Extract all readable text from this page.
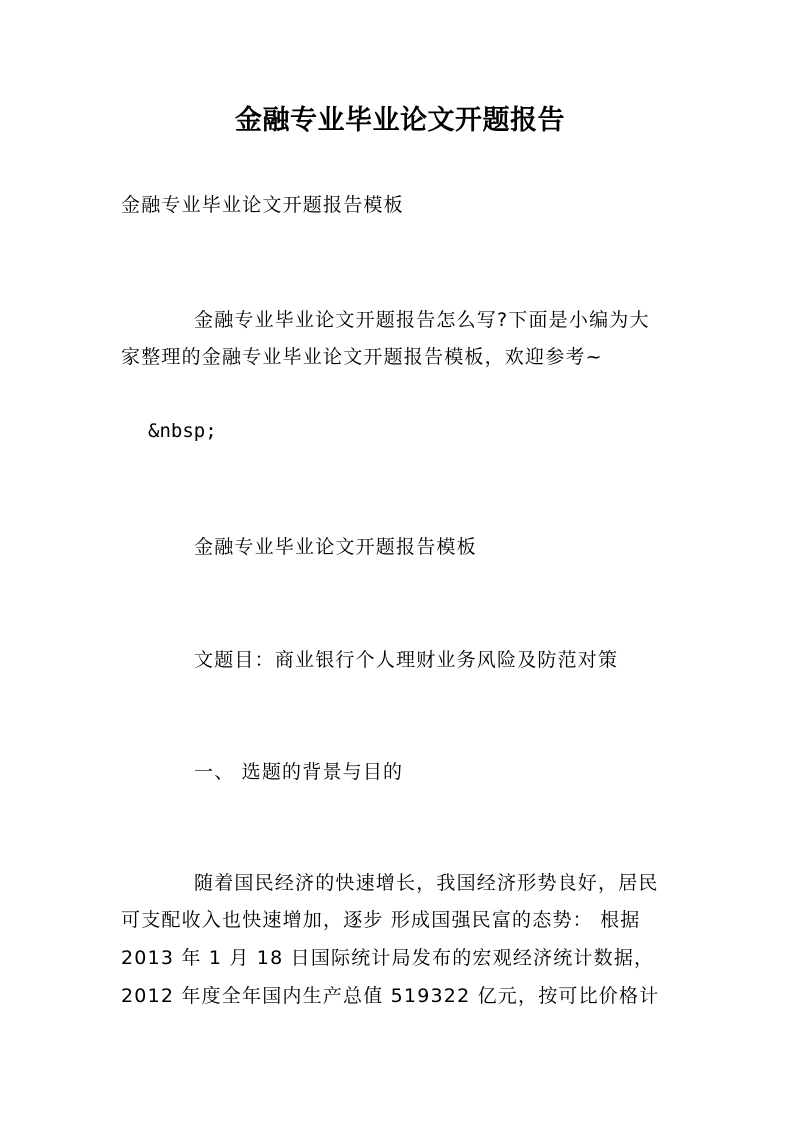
金融专业毕业论文开题报告
金融专业毕业论文开题报告模板
金融专业毕业论文开题报告怎么写?下面是小编为大
家整理的金融专业毕业论文开题报告模板，欢迎参考~
&nbsp;
金融专业毕业论文开题报告模板
文题目：商业银行个人理财业务风险及防范对策
一、 选题的背景与目的
随着国民经济的快速增长，我国经济形势良好，居民
可支配收入也快速增加，逐步 形成国强民富的态势： 根据
2013 年 1 月 18 日国际统计局发布的宏观经济统计数据，
2012 年度全年国内生产总值 519322 亿元，按可比价格计
